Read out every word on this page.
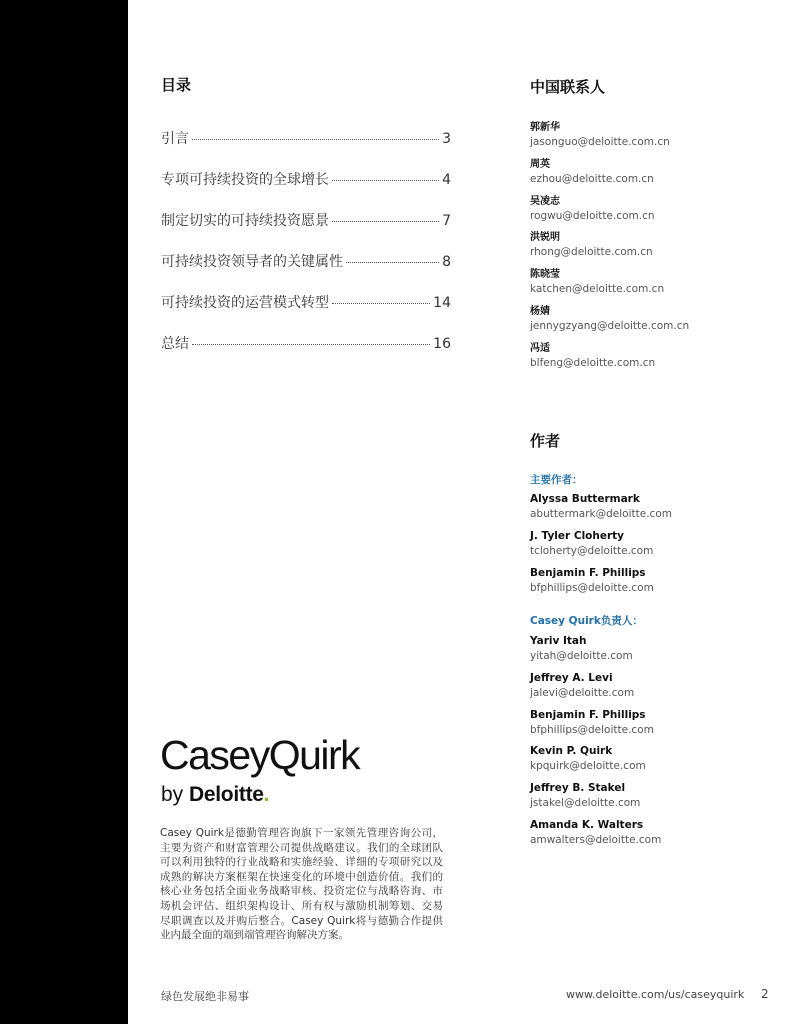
目录
引言	3
专项可持续投资的全球增长	4
制定切实的可持续投资愿景	7
可持续投资领导者的关键属性	8
可持续投资的运营模式转型	14
总结	16
中国联系人
郭新华
jasonguo@deloitte.com.cn
周英
ezhou@deloitte.com.cn
吴凌志
rogwu@deloitte.com.cn
洪锐明
rhong@deloitte.com.cn
陈晓莹
katchen@deloitte.com.cn
杨婧
jennygzyang@deloitte.com.cn
冯适
blfeng@deloitte.com.cn
作者
主要作者：
Alyssa Buttermark
abuttermark@deloitte.com
J. Tyler Cloherty
tcloherty@deloitte.com
Benjamin F. Phillips
bfphillips@deloitte.com
Casey Quirk负责人：
Yariv Itah
yitah@deloitte.com
Jeffrey A. Levi
jalevi@deloitte.com
Benjamin F. Phillips
bfphillips@deloitte.com
Kevin P. Quirk
kpquirk@deloitte.com
Jeffrey B. Stakel
jstakel@deloitte.com
Amanda K. Walters
amwalters@deloitte.com
CaseyQuirk
by Deloitte.
Casey Quirk是德勤管理咨询旗下一家领先管理咨询公司，主要为资产和财富管理公司提供战略建议。我们的全球团队可以利用独特的行业战略和实施经验、详细的专项研究以及成熟的解决方案框架在快速变化的环境中创造价值。我们的核心业务包括全面业务战略审核、投资定位与战略咨询、市场机会评估、组织架构设计、所有权与激励机制筹划、交易尽职调查以及并购后整合。Casey Quirk将与德勤合作提供业内最全面的端到端管理咨询解决方案。
绿色发展绝非易事	www.deloitte.com/us/caseyquirk 2
